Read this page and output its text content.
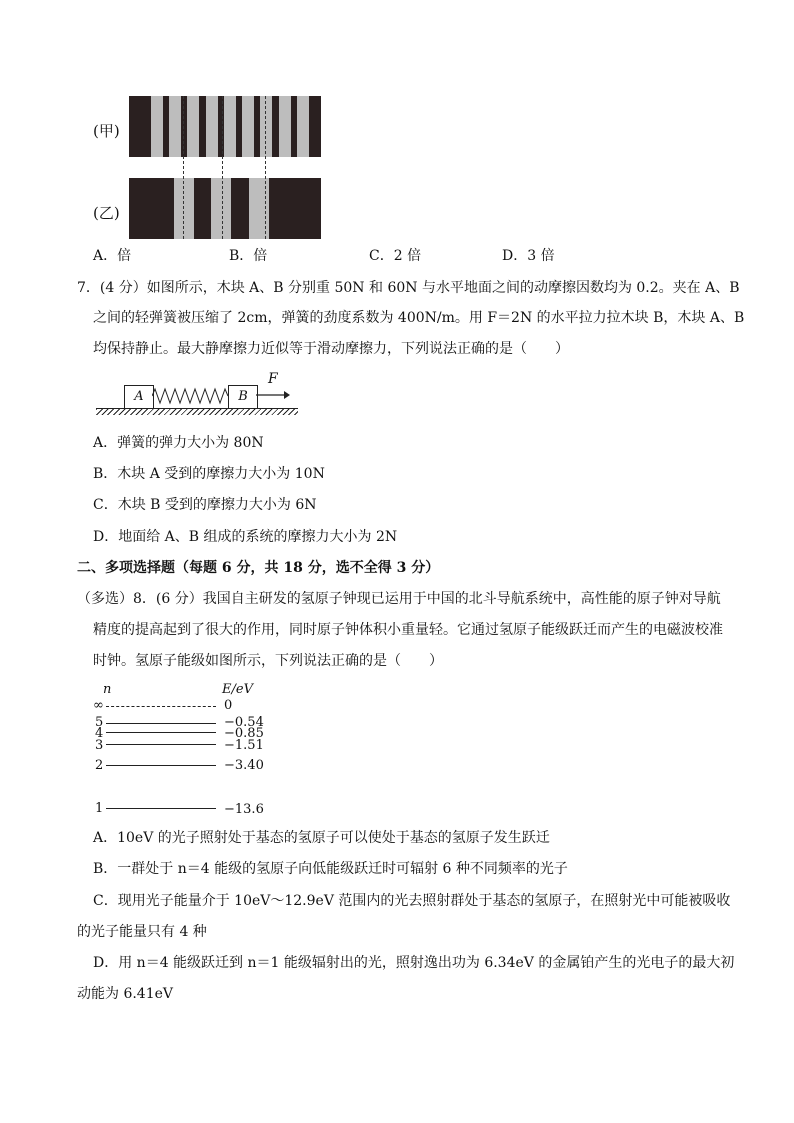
(甲)
(乙)
A．倍	B．倍	C．2 倍	D．3 倍
7．(4 分）如图所示，木块 A、B 分别重 50N 和 60N 与水平地面之间的动摩擦因数均为 0.2。夹在 A、B
之间的轻弹簧被压缩了 2cm，弹簧的劲度系数为 400N/m。用 F＝2N 的水平拉力拉木块 B，木块 A、B
均保持静止。最大静摩擦力近似等于滑动摩擦力，下列说法正确的是（　　）
A	B
F
A．弹簧的弹力大小为 80N
B．木块 A 受到的摩擦力大小为 10N
C．木块 B 受到的摩擦力大小为 6N
D．地面给 A、B 组成的系统的摩擦力大小为 2N
二、多项选择题（每题 6 分，共 18 分，选不全得 3 分）
（多选）8．(6 分）我国自主研发的氢原子钟现已运用于中国的北斗导航系统中，高性能的原子钟对导航
精度的提高起到了很大的作用，同时原子钟体积小重量轻。它通过氢原子能级跃迁而产生的电磁波校准
时钟。氢原子能级如图所示，下列说法正确的是（　　）
n	E/eV
∞	0
5	−0.54
4	−0.85
3	−1.51
2	−3.40
1	−13.6
A．10eV 的光子照射处于基态的氢原子可以使处于基态的氢原子发生跃迁
B．一群处于 n＝4 能级的氢原子向低能级跃迁时可辐射 6 种不同频率的光子
C．现用光子能量介于 10eV～12.9eV 范围内的光去照射群处于基态的氢原子，在照射光中可能被吸收
的光子能量只有 4 种
D．用 n＝4 能级跃迁到 n＝1 能级辐射出的光，照射逸出功为 6.34eV 的金属铂产生的光电子的最大初
动能为 6.41eV
